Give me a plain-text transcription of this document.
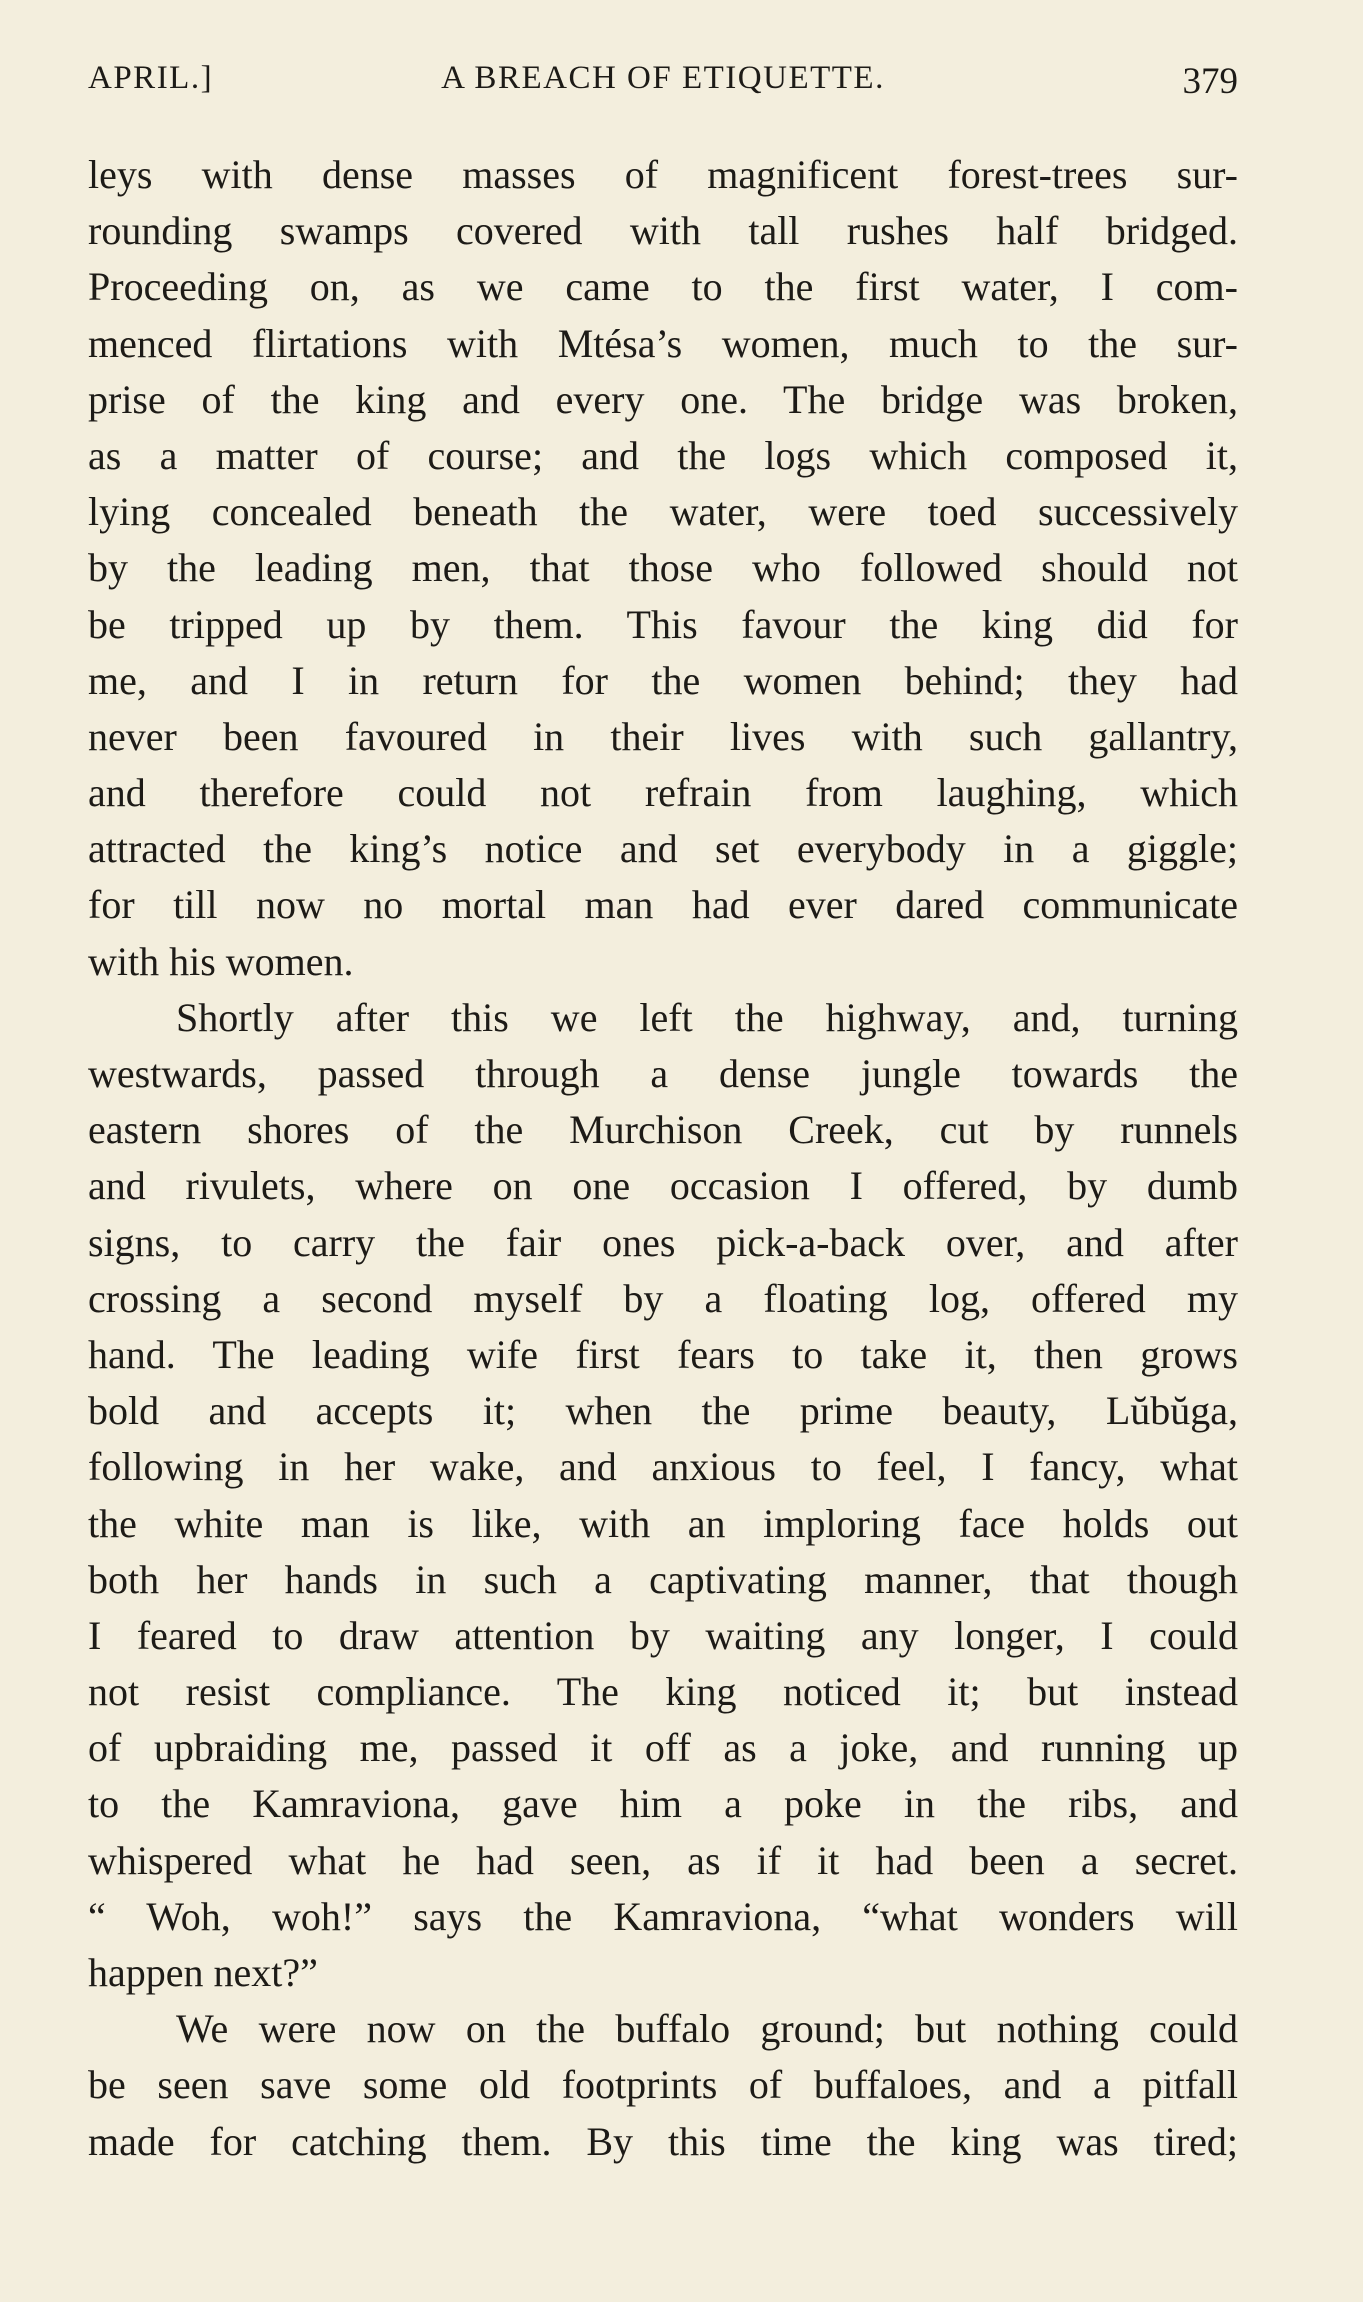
APRIL.]	A BREACH OF ETIQUETTE.	379
leys with dense masses of magnificent forest-trees sur-
rounding swamps covered with tall rushes half bridged.
Proceeding on, as we came to the first water, I com-
menced flirtations with Mtésa’s women, much to the sur-
prise of the king and every one. The bridge was broken,
as a matter of course; and the logs which composed it,
lying concealed beneath the water, were toed successively
by the leading men, that those who followed should not
be tripped up by them. This favour the king did for
me, and I in return for the women behind; they had
never been favoured in their lives with such gallantry,
and therefore could not refrain from laughing, which
attracted the king’s notice and set everybody in a giggle;
for till now no mortal man had ever dared communicate
with his women.
Shortly after this we left the highway, and, turning
westwards, passed through a dense jungle towards the
eastern shores of the Murchison Creek, cut by runnels
and rivulets, where on one occasion I offered, by dumb
signs, to carry the fair ones pick-a-back over, and after
crossing a second myself by a floating log, offered my
hand. The leading wife first fears to take it, then grows
bold and accepts it; when the prime beauty, Lŭbŭga,
following in her wake, and anxious to feel, I fancy, what
the white man is like, with an imploring face holds out
both her hands in such a captivating manner, that though
I feared to draw attention by waiting any longer, I could
not resist compliance. The king noticed it; but instead
of upbraiding me, passed it off as a joke, and running up
to the Kamraviona, gave him a poke in the ribs, and
whispered what he had seen, as if it had been a secret.
“ Woh, woh!” says the Kamraviona, “what wonders will
happen next?”
We were now on the buffalo ground; but nothing could
be seen save some old footprints of buffaloes, and a pitfall
made for catching them. By this time the king was tired;
